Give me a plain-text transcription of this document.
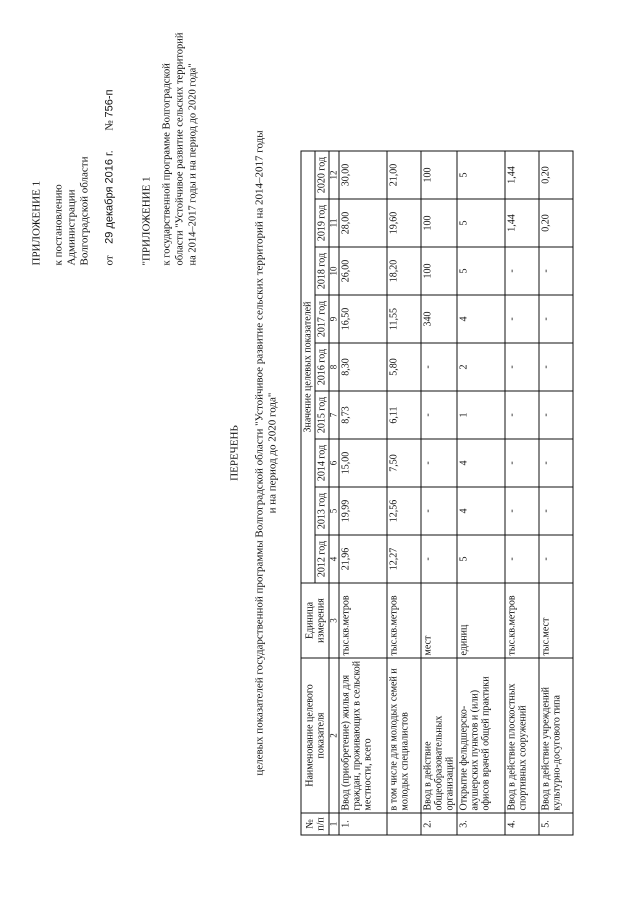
ПРИЛОЖЕНИЕ 1 к постановлению Администрации Волгоградской области от  29 декабря 2016 г.  № 756-п
"ПРИЛОЖЕНИЕ 1 к государственной программе Волгоградской области "Устойчивое развитие сельских территорий на 2014–2017 годы и на период до 2020 года"
ПЕРЕЧЕНЬ целевых показателей государственной программы Волгоградской области "Устойчивое развитие сельских территорий на 2014–2017 годы и на период до 2020 года"
№ п/п	Наименование целевого показателя	Единица измерения	Значение целевых показателей								
			2012 год	2013 год	2014 год	2015 год	2016 год	2017 год	2018 год	2019 год	2020 год
1	2	3	4	5	6	7	8	9	10	11	12
1.	Ввод (приобретение) жилья для граждан, проживающих в сельской местности, всего	тыс.кв.метров	21,96	19,99	15,00	8,73	8,30	16,50	26,00	28,00	30,00
	в том числе для молодых семей и молодых специалистов	тыс.кв.метров	12,27	12,56	7,50	6,11	5,80	11,55	18,20	19,60	21,00
2.	Ввод в действие общеобразовательных организаций	мест	-	-	-	-	-	340	100	100	100
3.	Открытие фельдшерско-акушерских пунктов и (или) офисов врачей общей практики	единиц	5	4	4	1	2	4	5	5	5
4.	Ввод в действие плоскостных спортивных сооружений	тыс.кв.метров	-	-	-	-	-	-	-	1,44	1,44
5.	Ввод в действие учреждений культурно-досугового типа	тыс.мест	-	-	-	-	-	-	-	0,20	0,20
